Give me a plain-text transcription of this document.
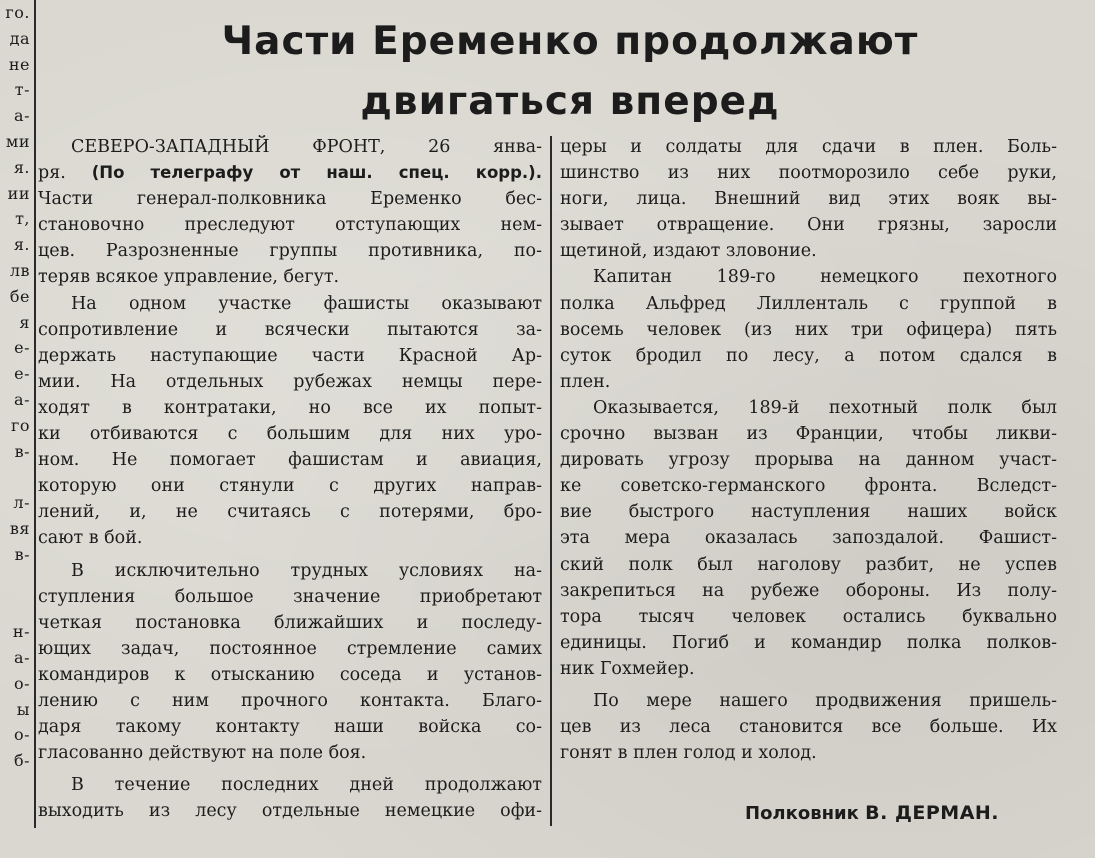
го.
да
не
т-
а-
ми
я.
ии
т,
я.
лв
бе
я
е-
е-
а-
го
в-
л-
вя
в-
н-
а-
о-
ы
о-
б-
Части Еременко продолжают
двигаться вперед
СЕВЕРО-ЗАПАДНЫЙ ФРОНТ, 26 янва-
ря. (По телеграфу от наш. спец. корр.).
Части генерал-полковника Еременко бес-
становочно преследуют отступающих нем-
цев. Разрозненные группы противника, по-
теряв всякое управление, бегут.
На одном участке фашисты оказывают
сопротивление и всячески пытаются за-
держать наступающие части Красной Ар-
мии. На отдельных рубежах немцы пере-
ходят в контратаки, но все их попыт-
ки отбиваются с большим для них уро-
ном. Не помогает фашистам и авиация,
которую они стянули с других направ-
лений, и, не считаясь с потерями, бро-
сают в бой.
В исключительно трудных условиях на-
ступления большое значение приобретают
четкая постановка ближайших и последу-
ющих задач, постоянное стремление самих
командиров к отысканию соседа и установ-
лению с ним прочного контакта. Благо-
даря такому контакту наши войска со-
гласованно действуют на поле боя.
В течение последних дней продолжают
выходить из лесу отдельные немецкие офи-
церы и солдаты для сдачи в плен. Боль-
шинство из них поотморозило себе руки,
ноги, лица. Внешний вид этих вояк вы-
зывает отвращение. Они грязны, заросли
щетиной, издают зловоние.
Капитан 189-го немецкого пехотного
полка Альфред Лилленталь с группой в
восемь человек (из них три офицера) пять
суток бродил по лесу, а потом сдался в
плен.
Оказывается, 189-й пехотный полк был
срочно вызван из Франции, чтобы ликви-
дировать угрозу прорыва на данном участ-
ке советско-германского фронта. Вследст-
вие быстрого наступления наших войск
эта мера оказалась запоздалой. Фашист-
ский полк был наголову разбит, не успев
закрепиться на рубеже обороны. Из полу-
тора тысяч человек остались буквально
единицы. Погиб и командир полка полков-
ник Гохмейер.
По мере нашего продвижения пришель-
цев из леса становится все больше. Их
гонят в плен голод и холод.
Полковник В. ДЕРМАН.
